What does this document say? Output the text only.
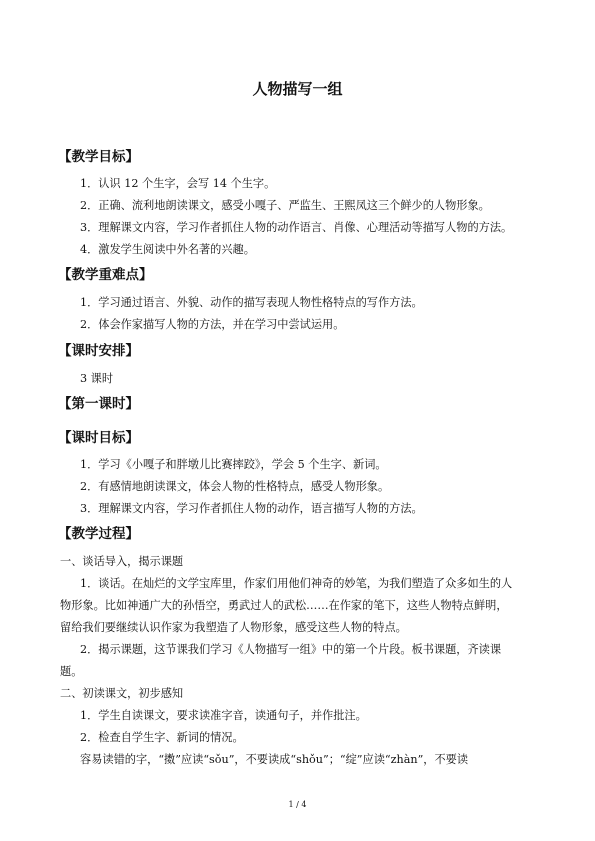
人物描写一组
【教学目标】
1．认识 12 个生字，会写 14 个生字。
2．正确、流利地朗读课文，感受小嘎子、严监生、王熙凤这三个鲜少的人物形象。
3．理解课文内容，学习作者抓住人物的动作语言、肖像、心理活动等描写人物的方法。
4．激发学生阅读中外名著的兴趣。
【教学重难点】
1．学习通过语言、外貌、动作的描写表现人物性格特点的写作方法。
2．体会作家描写人物的方法，并在学习中尝试运用。
【课时安排】
3 课时
【第一课时】
【课时目标】
1．学习《小嘎子和胖墩儿比赛摔跤》，学会 5 个生字、新词。
2．有感情地朗读课文，体会人物的性格特点，感受人物形象。
3．理解课文内容，学习作者抓住人物的动作，语言描写人物的方法。
【教学过程】
一、谈话导入，揭示课题
1．谈话。在灿烂的文学宝库里，作家们用他们神奇的妙笔，为我们塑造了众多如生的人
物形象。比如神通广大的孙悟空，勇武过人的武松……在作家的笔下，这些人物特点鲜明，
留给我们要继续认识作家为我塑造了人物形象，感受这些人物的特点。
2．揭示课题，这节课我们学习《人物描写一组》中的第一个片段。板书课题，齐读课
题。
二、初读课文，初步感知
1．学生自读课文，要求读准字音，读通句子，并作批注。
2．检查自学生字、新词的情况。
容易读错的字，“擞”应读“sǒu”，不要读成“shǒu”；“绽”应读“zhàn”，不要读
1 / 4
